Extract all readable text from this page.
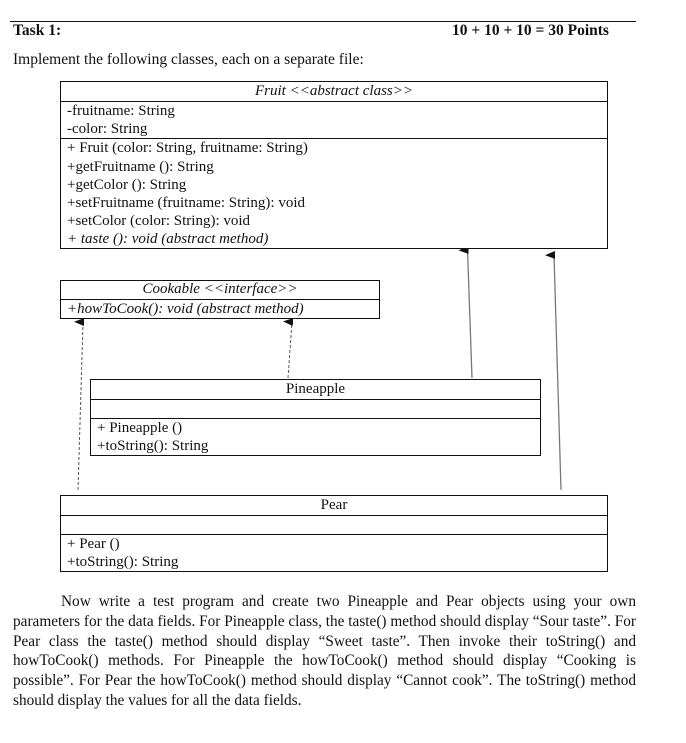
Task 1:	10 + 10 + 10 = 30 Points
Implement the following classes, each on a separate file:
Fruit <<abstract class>>
-fruitname: String
-color: String
+ Fruit (color: String, fruitname: String)
+getFruitname (): String
+getColor (): String
+setFruitname (fruitname: String): void
+setColor (color: String): void
+ taste (): void (abstract method)
Cookable <<interface>>
+howToCook(): void (abstract method)
Pineapple
+ Pineapple ()
+toString(): String
Pear
+ Pear ()
+toString(): String
Now write a test program and create two Pineapple and Pear objects using your own parameters for the data fields. For Pineapple class, the taste() method should display “Sour taste”. For Pear class the taste() method should display “Sweet taste”. Then invoke their toString() and howToCook() methods. For Pineapple the howToCook() method should display “Cooking is possible”. For Pear the howToCook() method should display “Cannot cook”. The toString() method should display the values for all the data fields.
